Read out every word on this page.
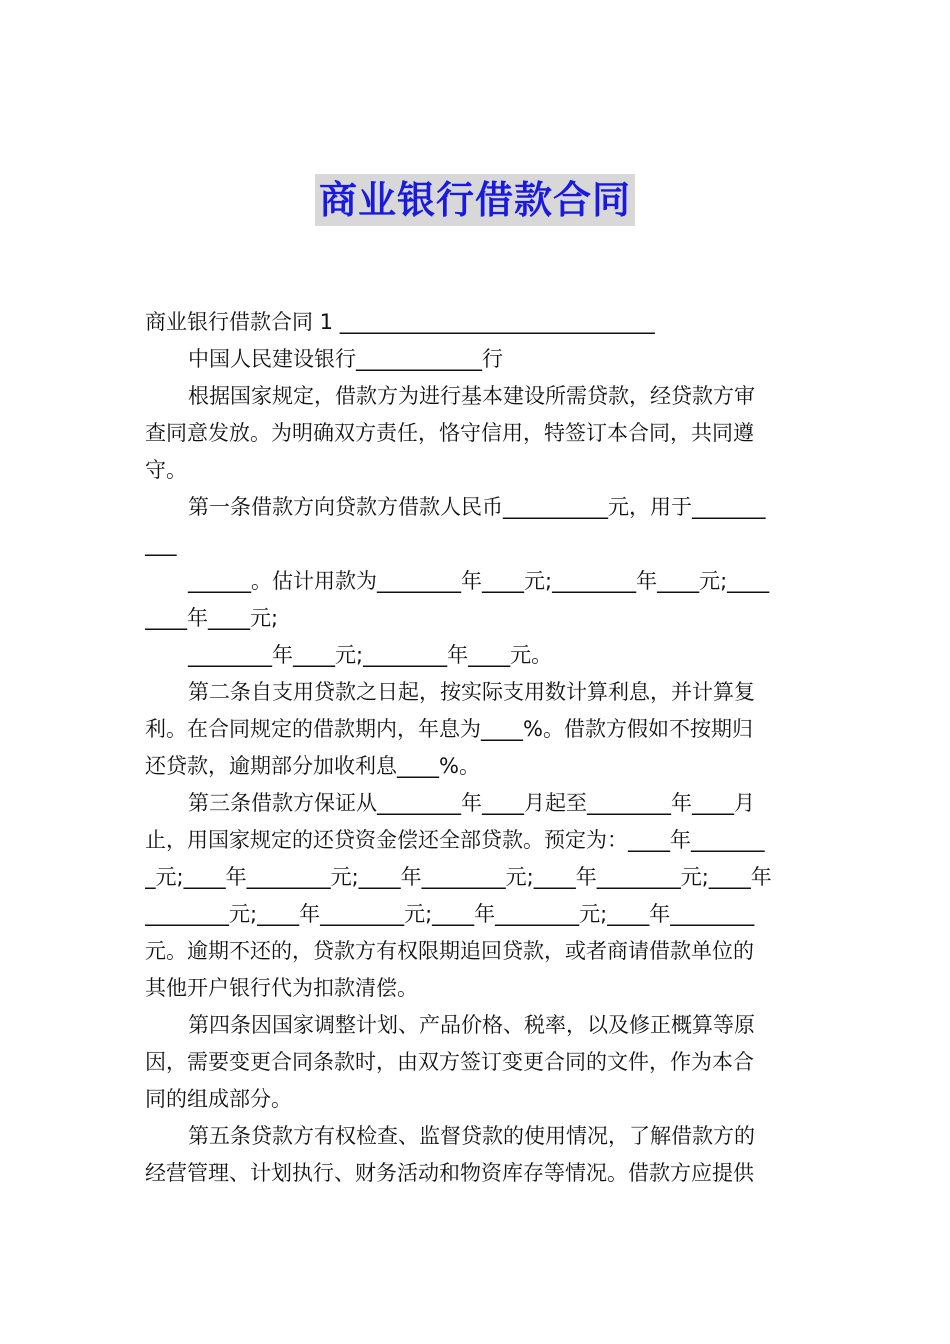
商业银行借款合同
商业银行借款合同 1 ______________________________
中国人民建设银行____________行
根据国家规定，借款方为进行基本建设所需贷款，经贷款方审
查同意发放。为明确双方责任，恪守信用，特签订本合同，共同遵
守。
第一条借款方向贷款方借款人民币__________元，用于_______
___
______。估计用款为________年____元;________年____元;____
____年____元;
________年____元;________年____元。
第二条自支用贷款之日起，按实际支用数计算利息，并计算复
利。在合同规定的借款期内，年息为____%。借款方假如不按期归
还贷款，逾期部分加收利息____%。
第三条借款方保证从________年____月起至________年____月
止，用国家规定的还贷资金偿还全部贷款。预定为：____年_______
_元;____年________元;____年________元;____年________元;____年
________元;____年________元;____年________元;____年________
元。逾期不还的，贷款方有权限期追回贷款，或者商请借款单位的
其他开户银行代为扣款清偿。
第四条因国家调整计划、产品价格、税率，以及修正概算等原
因，需要变更合同条款时，由双方签订变更合同的文件，作为本合
同的组成部分。
第五条贷款方有权检查、监督贷款的使用情况，了解借款方的
经营管理、计划执行、财务活动和物资库存等情况。借款方应提供
